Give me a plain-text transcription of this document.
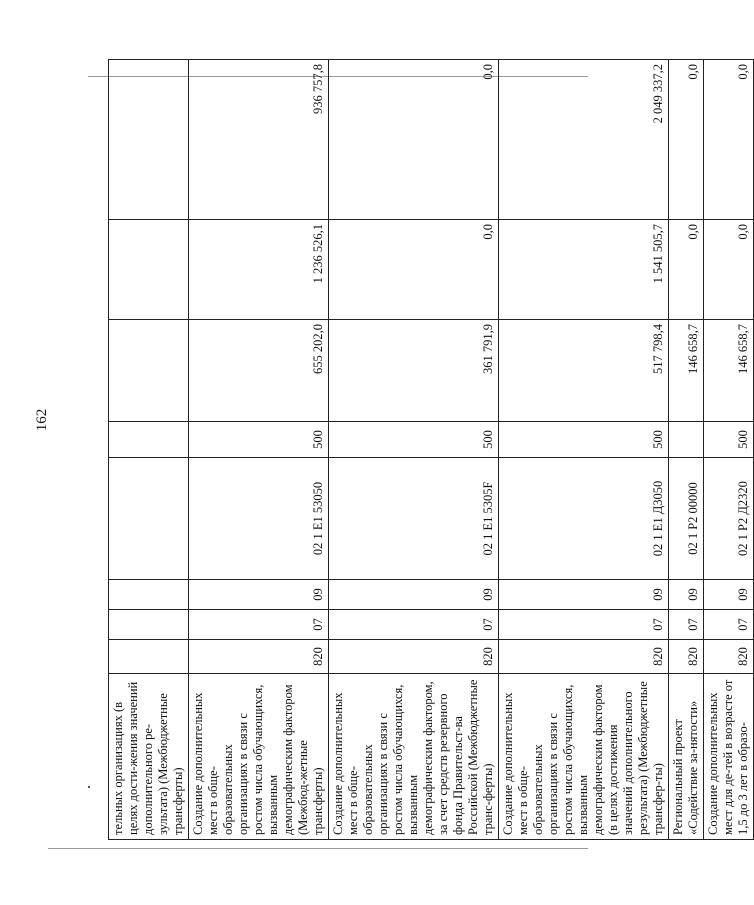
162
тельных организациях (в целях дости-жения значений дополнительного ре-зультата) (Межбюджетные трансферты)								
Создание дополнительных мест в обще-образовательных организациях в связи с ростом числа обучающихся, вызванным демографическим фактором (Межбюд-жетные трансферты)	820	07	09	02 1 E1 53050	500	655 202,0	1 236 526,1	936 757,8
Создание дополнительных мест в обще-образовательных организациях в связи с ростом числа обучающихся, вызванным демографическим фактором, за счет средств резервного фонда Правительст-ва Российской (Межбюджетные транс-ферты)	820	07	09	02 1 E1 5305F	500	361 791,9	0,0	0,0
Создание дополнительных мест в обще-образовательных организациях в связи с ростом числа обучающихся, вызванным демографическим фактором (в целях достижения значений дополнительного результата) (Межбюджетные трансфер-ты)	820	07	09	02 1 E1 Д3050	500	517 798,4	1 541 505,7	2 049 337,2
Региональный проект «Содействие за-нятости»	820	07	09	02 1 P2 00000		146 658,7	0,0	0,0
Создание дополнительных мест для де-тей в возрасте от 1,5 до 3 лет в образо-	820	07	09	02 1 P2 Д2320	500	146 658,7	0,0	0,0
